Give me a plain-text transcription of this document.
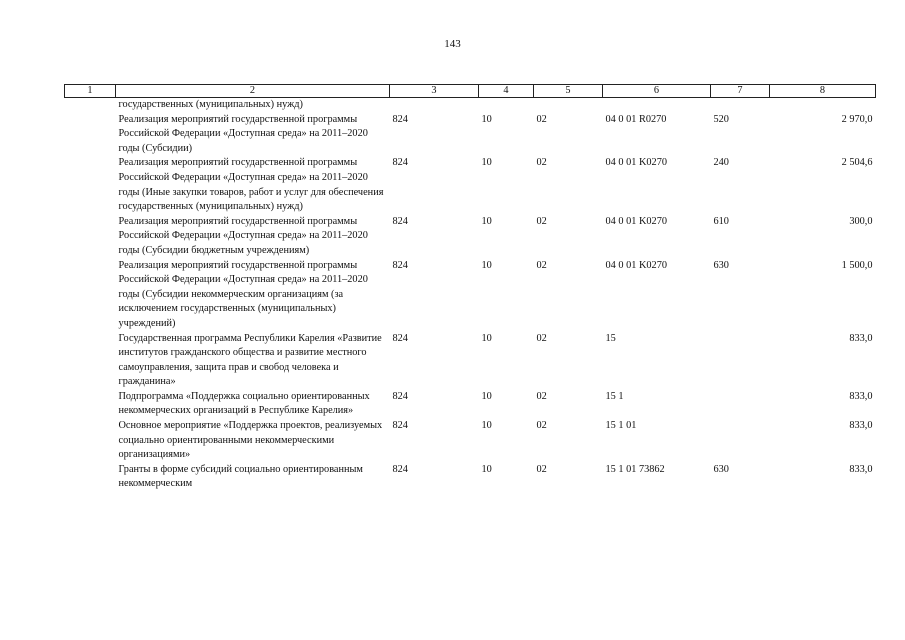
143
1	2	3	4	5	6	7	8
	государственных (муниципальных) нужд)						
	Реализация мероприятий государственной программы Российской Федерации «Доступная среда» на 2011–2020 годы (Субсидии)	824	10	02	04 0 01 R0270	520	2 970,0
	Реализация мероприятий государственной программы Российской Федерации «Доступная среда» на 2011–2020 годы (Иные закупки товаров, работ и услуг для обеспечения государственных (муниципальных) нужд)	824	10	02	04 0 01 K0270	240	2 504,6
	Реализация мероприятий государственной программы Российской Федерации «Доступная среда» на 2011–2020 годы (Субсидии бюджетным учреждениям)	824	10	02	04 0 01 K0270	610	300,0
	Реализация мероприятий государственной программы Российской Федерации «Доступная среда» на 2011–2020 годы (Субсидии некоммерческим организациям (за исключением государственных (муниципальных) учреждений)	824	10	02	04 0 01 K0270	630	1 500,0
	Государственная программа Республики Карелия «Развитие институтов гражданского общества и развитие местного самоуправления, защита прав и свобод человека и гражданина»	824	10	02	15		833,0
	Подпрограмма «Поддержка социально ориентированных некоммерческих организаций в Республике Карелия»	824	10	02	15 1		833,0
	Основное мероприятие «Поддержка проектов, реализуемых социально ориентированными некоммерческими организациями»	824	10	02	15 1 01		833,0
	Гранты в форме субсидий социально ориентированным некоммерческим	824	10	02	15 1 01 73862	630	833,0
